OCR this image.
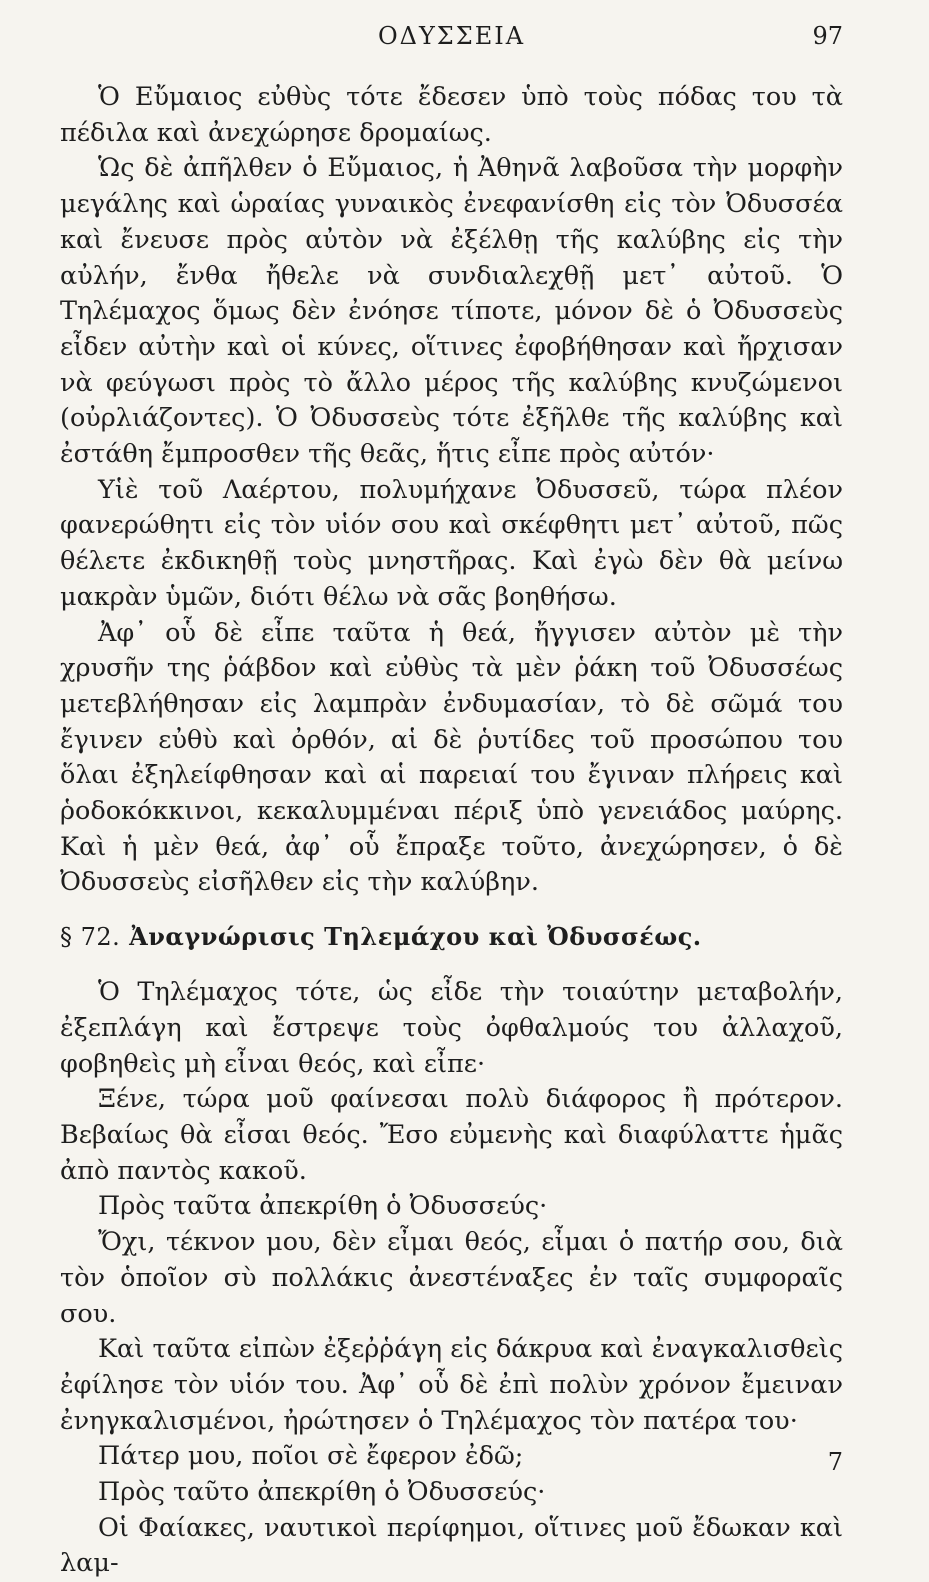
ΟΔΥΣΣΕΙΑ	97

Ὁ Εὔμαιος εὐθὺς τότε ἔδεσεν ὑπὸ τοὺς πόδας του τὰ πέδιλα καὶ ἀνεχώρησε δρομαίως.

Ὡς δὲ ἀπῆλθεν ὁ Εὔμαιος, ἡ Ἀθηνᾶ λαβοῦσα τὴν μορφὴν μεγάλης καὶ ὡραίας γυναικὸς ἐνεφανίσθη εἰς τὸν Ὀδυσσέα καὶ ἔνευσε πρὸς αὐτὸν νὰ ἐξέλθῃ τῆς καλύβης εἰς τὴν αὐλήν, ἔνθα ἤθελε νὰ συνδιαλεχθῇ μετ᾽ αὐτοῦ. Ὁ Τηλέμαχος ὅμως δὲν ἐνόησε τίποτε, μόνον δὲ ὁ Ὀδυσσεὺς εἶδεν αὐτὴν καὶ οἱ κύνες, οἵτινες ἐφοβήθησαν καὶ ἤρχισαν νὰ φεύγωσι πρὸς τὸ ἄλλο μέρος τῆς καλύβης κνυζώμενοι (οὐρλιάζοντες). Ὁ Ὀδυσσεὺς τότε ἐξῆλθε τῆς καλύβης καὶ ἐστάθη ἔμπροσθεν τῆς θεᾶς, ἥτις εἶπε πρὸς αὐτόν·

Υἱὲ τοῦ Λαέρτου, πολυμήχανε Ὀδυσσεῦ, τώρα πλέον φανερώθητι εἰς τὸν υἱόν σου καὶ σκέφθητι μετ᾽ αὐτοῦ, πῶς θέλετε ἐκδικηθῇ τοὺς μνηστῆρας. Καὶ ἐγὼ δὲν θὰ μείνω μακρὰν ὑμῶν, διότι θέλω νὰ σᾶς βοηθήσω.

Ἀφ᾽ οὗ δὲ εἶπε ταῦτα ἡ θεά, ἤγγισεν αὐτὸν μὲ τὴν χρυσῆν της ῥάβδον καὶ εὐθὺς τὰ μὲν ῥάκη τοῦ Ὀδυσσέως μετεβλήθησαν εἰς λαμπρὰν ἐνδυμασίαν, τὸ δὲ σῶμά του ἔγινεν εὐθὺ καὶ ὀρθόν, αἱ δὲ ῥυτίδες τοῦ προσώπου του ὅλαι ἐξηλείφθησαν καὶ αἱ παρειαί του ἔγιναν πλήρεις καὶ ῥοδοκόκκινοι, κεκαλυμμέναι πέριξ ὑπὸ γενειάδος μαύρης. Καὶ ἡ μὲν θεά, ἀφ᾽ οὗ ἔπραξε τοῦτο, ἀνεχώρησεν, ὁ δὲ Ὀδυσσεὺς εἰσῆλθεν εἰς τὴν καλύβην.

§ 72. Ἀναγνώρισις Τηλεμάχου καὶ Ὀδυσσέως.

Ὁ Τηλέμαχος τότε, ὡς εἶδε τὴν τοιαύτην μεταβολήν, ἐξεπλάγη καὶ ἔστρεψε τοὺς ὀφθαλμούς του ἀλλαχοῦ, φοβηθεὶς μὴ εἶναι θεός, καὶ εἶπε·

Ξένε, τώρα μοῦ φαίνεσαι πολὺ διάφορος ἢ πρότερον. Βεβαίως θὰ εἶσαι θεός. Ἔσο εὐμενὴς καὶ διαφύλαττε ἡμᾶς ἀπὸ παντὸς κακοῦ.

Πρὸς ταῦτα ἀπεκρίθη ὁ Ὀδυσσεύς·

Ὄχι, τέκνον μου, δὲν εἶμαι θεός, εἶμαι ὁ πατήρ σου, διὰ τὸν ὁποῖον σὺ πολλάκις ἀνεστέναξες ἐν ταῖς συμφοραῖς σου.

Καὶ ταῦτα εἰπὼν ἐξεῤῥάγη εἰς δάκρυα καὶ ἐναγκαλισθεὶς ἐφίλησε τὸν υἱόν του. Ἀφ᾽ οὗ δὲ ἐπὶ πολὺν χρόνον ἔμειναν ἐνηγκαλισμένοι, ἠρώτησεν ὁ Τηλέμαχος τὸν πατέρα του·

Πάτερ μου, ποῖοι σὲ ἔφερον ἐδῶ;

Πρὸς ταῦτο ἀπεκρίθη ὁ Ὀδυσσεύς·

Οἱ Φαίακες, ναυτικοὶ περίφημοι, οἵτινες μοῦ ἔδωκαν καὶ λαμ-

7
